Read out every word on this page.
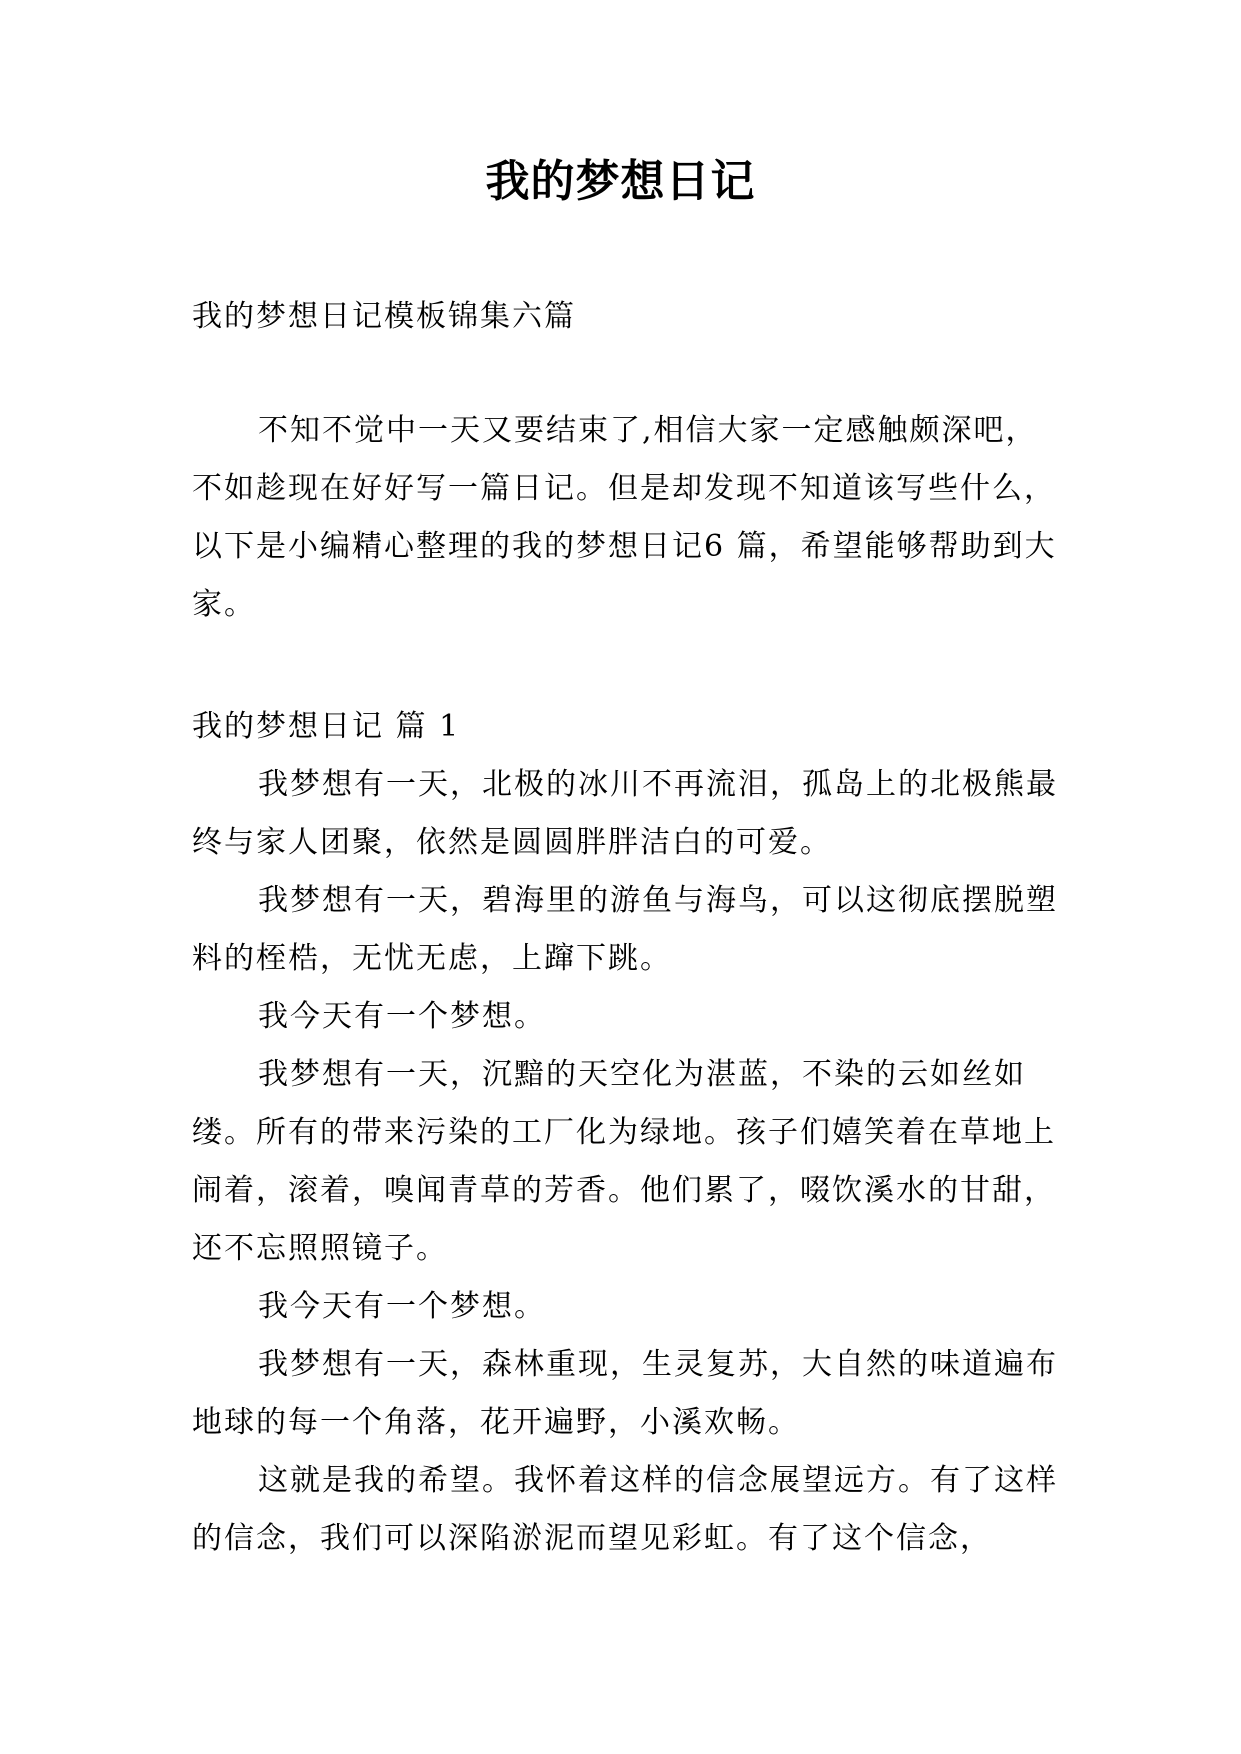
我的梦想日记

我的梦想日记模板锦集六篇

不知不觉中一天又要结束了,相信大家一定感触颇深吧，不如趁现在好好写一篇日记。但是却发现不知道该写些什么，以下是小编精心整理的我的梦想日记6 篇，希望能够帮助到大家。

我的梦想日记 篇 1

我梦想有一天，北极的冰川不再流泪，孤岛上的北极熊最终与家人团聚，依然是圆圆胖胖洁白的可爱。

我梦想有一天，碧海里的游鱼与海鸟，可以这彻底摆脱塑料的桎梏，无忧无虑，上蹿下跳。

我今天有一个梦想。

我梦想有一天，沉黯的天空化为湛蓝，不染的云如丝如缕。所有的带来污染的工厂化为绿地。孩子们嬉笑着在草地上闹着，滚着，嗅闻青草的芳香。他们累了，啜饮溪水的甘甜，还不忘照照镜子。

我今天有一个梦想。

我梦想有一天，森林重现，生灵复苏，大自然的味道遍布地球的每一个角落，花开遍野，小溪欢畅。

这就是我的希望。我怀着这样的信念展望远方。有了这样的信念，我们可以深陷淤泥而望见彩虹。有了这个信念，
